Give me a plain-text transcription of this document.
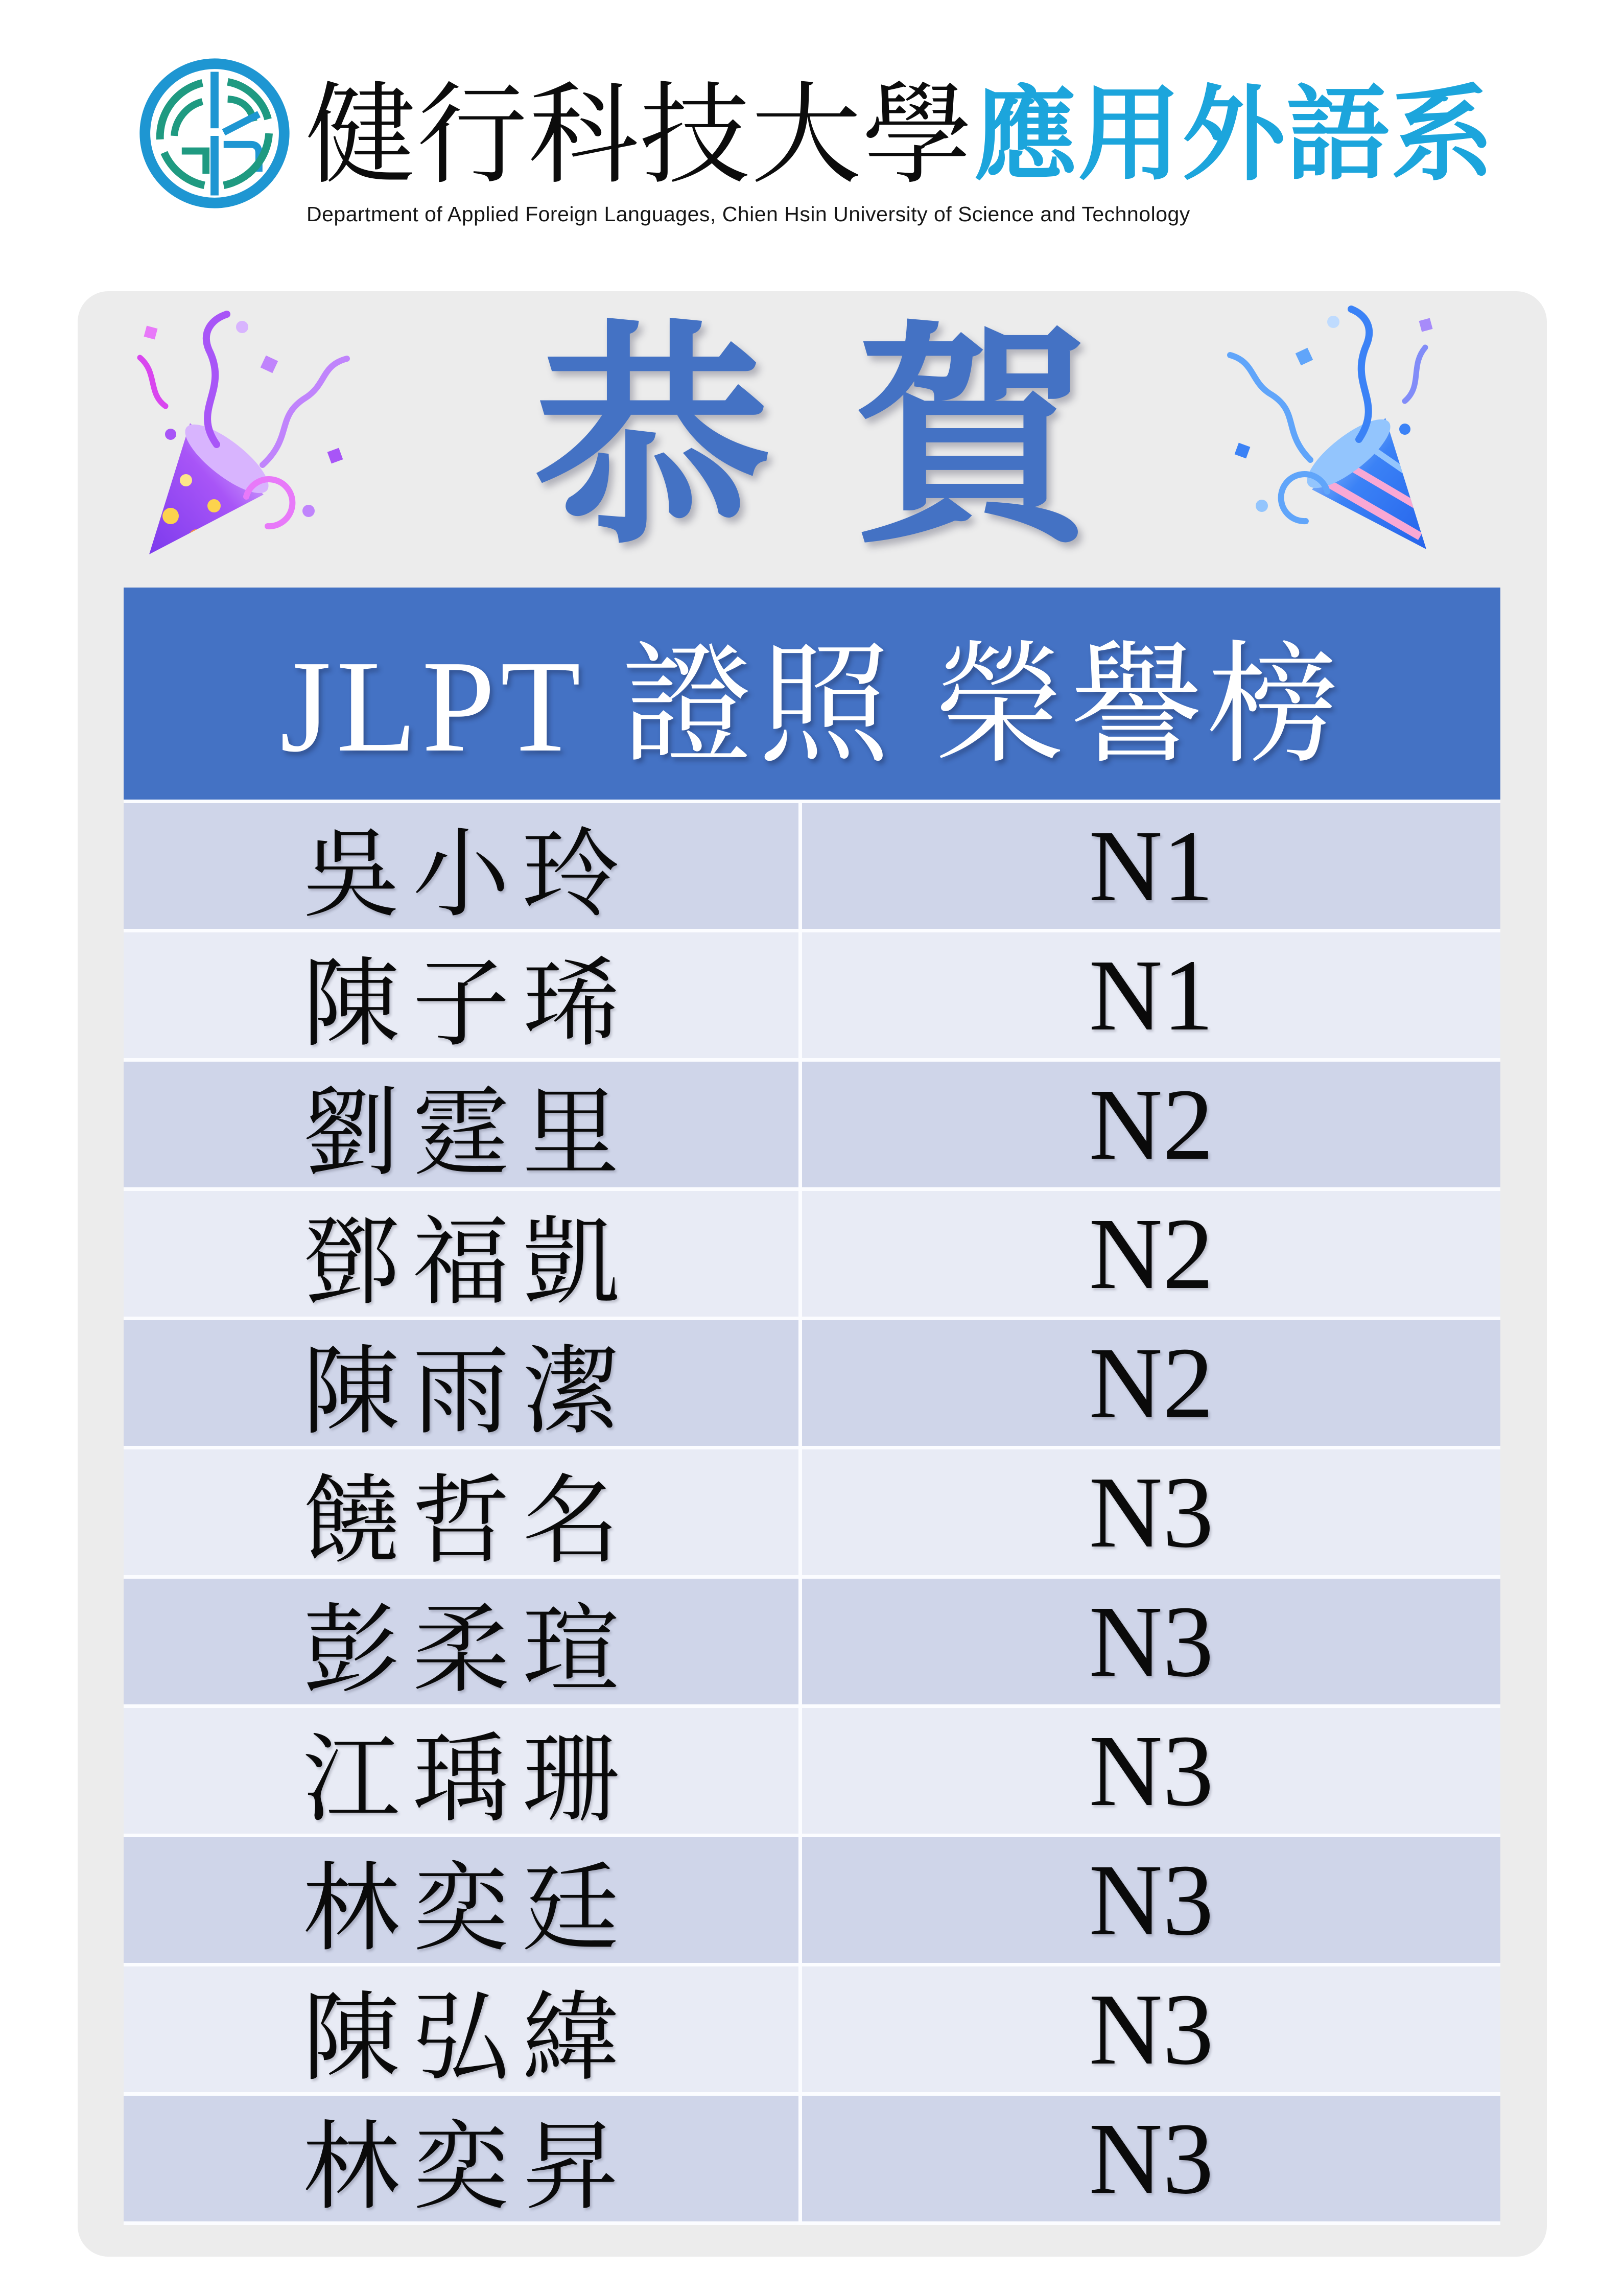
健行科技大學 應用外語系
Department of Applied Foreign Languages, Chien Hsin University of Science and Technology
恭賀
JLPT 證照 榮譽榜
吳小玲	N1
陳子琋	N1
劉霆里	N2
鄧福凱	N2
陳雨潔	N2
饒哲名	N3
彭柔瑄	N3
江瑀珊	N3
林奕廷	N3
陳弘緯	N3
林奕昇	N3
